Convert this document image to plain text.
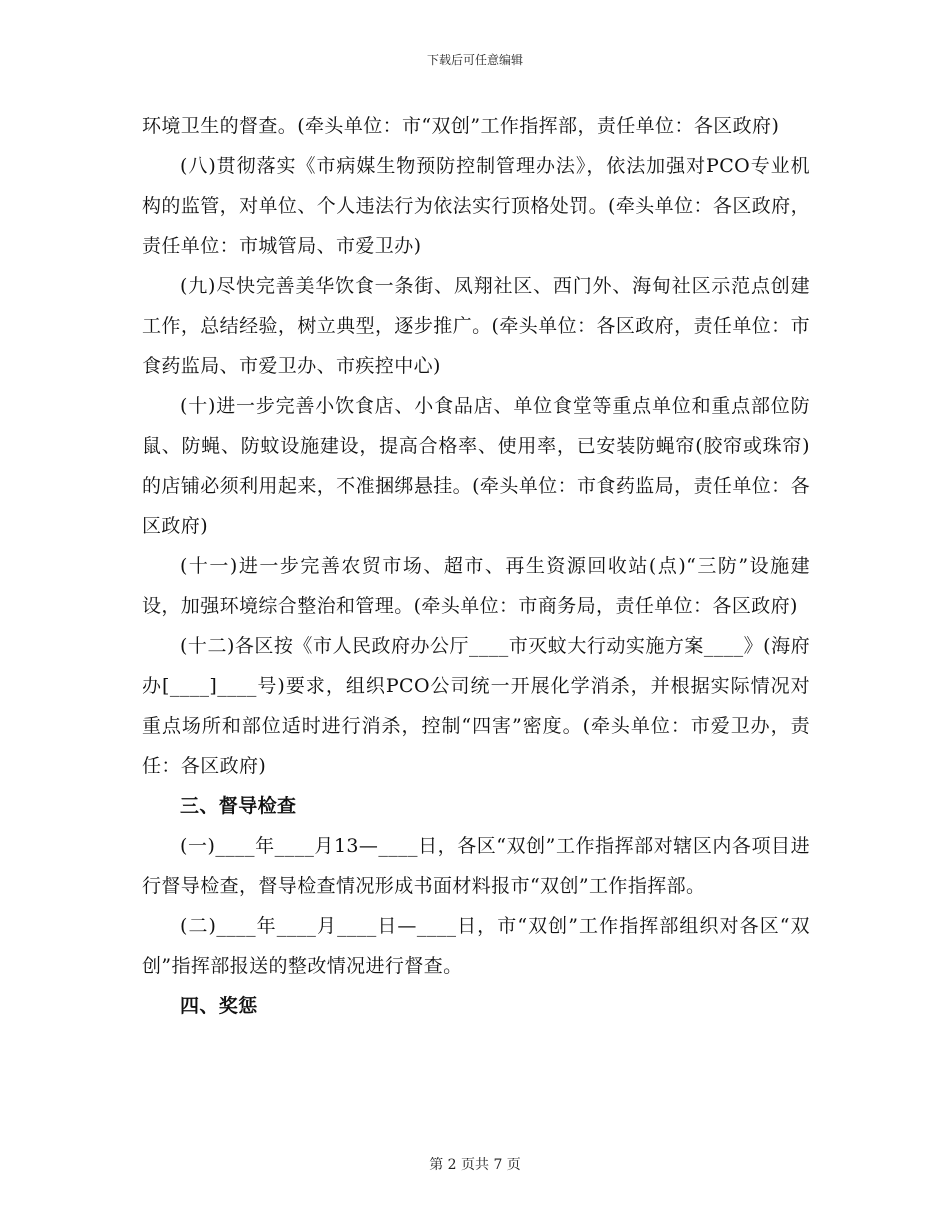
下载后可任意编辑

环境卫生的督查。(牵头单位：市“双创”工作指挥部，责任单位：各区政府)

(八)贯彻落实《市病媒生物预防控制管理办法》，依法加强对PCO专业机构的监管，对单位、个人违法行为依法实行顶格处罚。(牵头单位：各区政府，责任单位：市城管局、市爱卫办)

(九)尽快完善美华饮食一条街、凤翔社区、西门外、海甸社区示范点创建工作，总结经验，树立典型，逐步推广。(牵头单位：各区政府，责任单位：市食药监局、市爱卫办、市疾控中心)

(十)进一步完善小饮食店、小食品店、单位食堂等重点单位和重点部位防鼠、防蝇、防蚊设施建设，提高合格率、使用率，已安装防蝇帘(胶帘或珠帘)的店铺必须利用起来，不准捆绑悬挂。(牵头单位：市食药监局，责任单位：各区政府)

(十一)进一步完善农贸市场、超市、再生资源回收站(点)“三防”设施建设，加强环境综合整治和管理。(牵头单位：市商务局，责任单位：各区政府)

(十二)各区按《市人民政府办公厅____市灭蚊大行动实施方案____》(海府办[____]____号)要求，组织PCO公司统一开展化学消杀，并根据实际情况对重点场所和部位适时进行消杀，控制“四害”密度。(牵头单位：市爱卫办，责任：各区政府)

三、督导检查

(一)____年____月13—____日，各区“双创”工作指挥部对辖区内各项目进行督导检查，督导检查情况形成书面材料报市“双创”工作指挥部。

(二)____年____月____日—____日，市“双创”工作指挥部组织对各区“双创”指挥部报送的整改情况进行督查。

四、奖惩

第 2 页共 7 页
